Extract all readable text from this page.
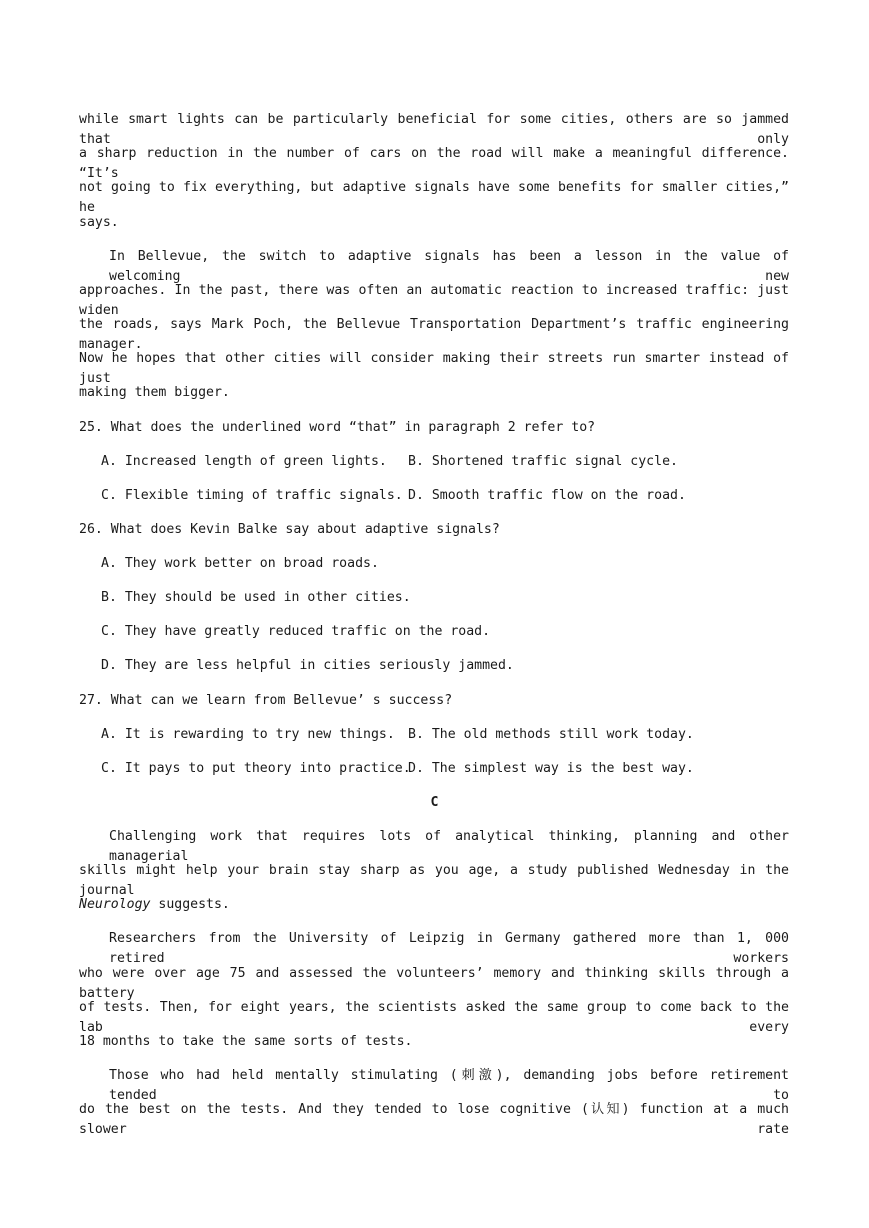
while smart lights can be particularly beneficial for some cities, others are so jammed that only
a sharp reduction in the number of cars on the road will make a meaningful difference. “It’s
not going to fix everything, but adaptive signals have some benefits for smaller cities,” he
says.
In Bellevue, the switch to adaptive signals has been a lesson in the value of welcoming new
approaches. In the past, there was often an automatic reaction to increased traffic: just widen
the roads, says Mark Poch, the Bellevue Transportation Department’s traffic engineering manager.
Now he hopes that other cities will consider making their streets run smarter instead of just
making them bigger.
25. What does the underlined word “that” in paragraph 2 refer to?
A. Increased length of green lights. B. Shortened traffic signal cycle.
C. Flexible timing of traffic signals. D. Smooth traffic flow on the road.
26. What does Kevin Balke say about adaptive signals?
A. They work better on broad roads.
B. They should be used in other cities.
C. They have greatly reduced traffic on the road.
D. They are less helpful in cities seriously jammed.
27. What can we learn from Bellevue’ s success?
A. It is rewarding to try new things. B. The old methods still work today.
C. It pays to put theory into practice.
D. The simplest way is the best way.
C
Challenging work that requires lots of analytical thinking, planning and other managerial
skills might help your brain stay sharp as you age, a study published Wednesday in the journal
Neurology suggests.
Researchers from the University of Leipzig in Germany gathered more than 1, 000 retired workers
who were over age 75 and assessed the volunteers’ memory and thinking skills through a battery
of tests. Then, for eight years, the scientists asked the same group to come back to the lab every
18 months to take the same sorts of tests.
Those who had held mentally stimulating (刺激), demanding jobs before retirement tended to
do the best on the tests. And they tended to lose cognitive (认知) function at a much slower rate
